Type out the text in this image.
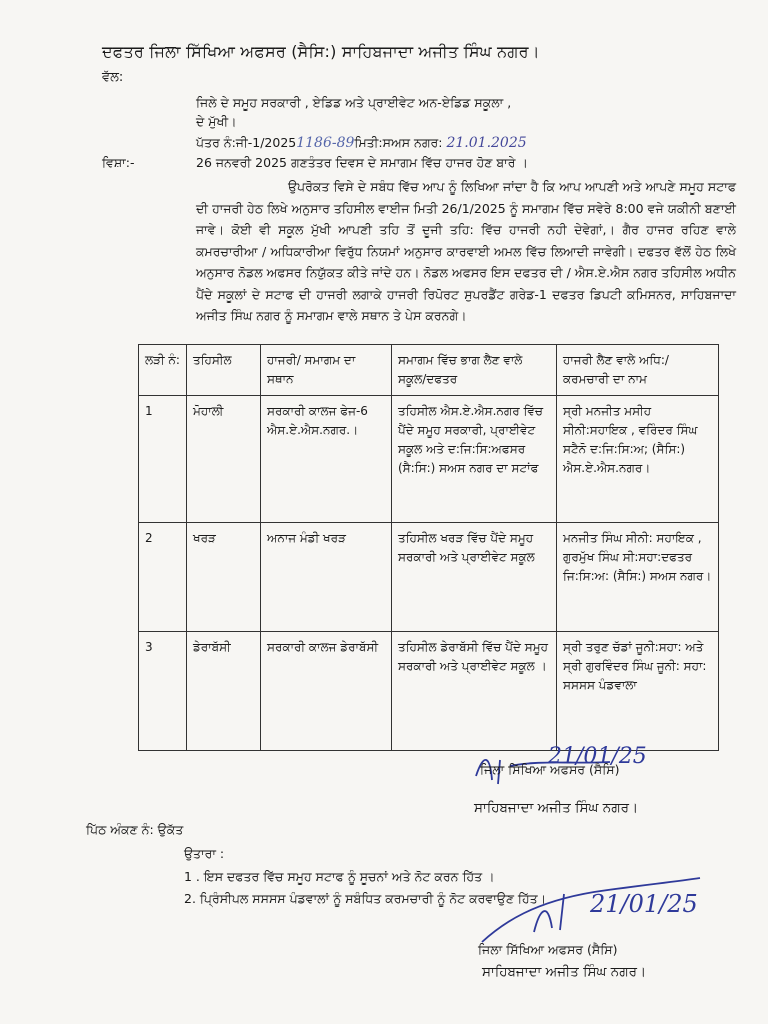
ਦਫਤਰ ਜਿਲਾ ਸਿੱਖਿਆ ਅਫਸਰ (ਸੈਸਿ:) ਸਾਹਿਬਜਾਦਾ ਅਜੀਤ ਸਿੰਘ ਨਗਰ।
ਵੱਲ:
ਜਿਲੇ ਦੇ ਸਮੂਹ ਸਰਕਾਰੀ , ਏਡਿਡ ਅਤੇ ਪ੍ਰਾਈਵੇਟ ਅਨ-ਏਡਿਡ ਸਕੂਲਾ ,
ਦੇ ਮੁੱਖੀ।
ਪੱਤਰ ਨੰ:ਜੀ-1/20251186-89ਮਿਤੀ:ਸਅਸ ਨਗਰ: 21.01.2025
ਵਿਸ਼ਾ:-	26 ਜਨਵਰੀ 2025 ਗਣਤੰਤਰ ਦਿਵਸ ਦੇ ਸਮਾਗਮ ਵਿੱਚ ਹਾਜਰ ਹੋਣ ਬਾਰੇ ।
ਉਪਰੋਕਤ ਵਿਸੇ ਦੇ ਸਬੰਧ ਵਿੱਚ ਆਪ ਨੂੰ ਲਿਖਿਆ ਜਾਂਦਾ ਹੈ ਕਿ ਆਪ ਆਪਣੀ ਅਤੇ ਆਪਣੇ ਸਮੂਹ ਸਟਾਫ ਦੀ ਹਾਜਰੀ ਹੇਠ ਲਿਖੇ ਅਨੁਸਾਰ ਤਹਿਸੀਲ ਵਾਈਜ ਮਿਤੀ 26/1/2025 ਨੂੰ ਸਮਾਗਮ ਵਿੱਚ ਸਵੇਰੇ 8:00 ਵਜੇ ਯਕੀਨੀ ਬਣਾਈ ਜਾਵੇ। ਕੋਈ ਵੀ ਸਕੂਲ ਮੁੱਖੀ ਆਪਣੀ ਤਹਿ ਤੋਂ ਦੂਜੀ ਤਹਿ: ਵਿੱਚ ਹਾਜਰੀ ਨਹੀ ਦੇਵੇਗਾਂ,। ਗੈਰ ਹਾਜਰ ਰਹਿਣ ਵਾਲੇ ਕਮਰਚਾਰੀਆ / ਅਧਿਕਾਰੀਆ ਵਿਰੁੱਧ ਨਿਯਮਾਂ ਅਨੁਸਾਰ ਕਾਰਵਾਈ ਅਮਲ ਵਿੱਚ ਲਿਆਦੀ ਜਾਵੇਗੀ। ਦਫਤਰ ਵੱਲੋਂ ਹੇਠ ਲਿਖੇ ਅਨੁਸਾਰ ਨੋਡਲ ਅਫਸਰ ਨਿਯੁੱਕਤ ਕੀਤੇ ਜਾਂਦੇ ਹਨ। ਨੋਡਲ ਅਫਸਰ ਇਸ ਦਫਤਰ ਦੀ / ਐਸ.ਏ.ਐਸ ਨਗਰ ਤਹਿਸੀਲ ਅਧੀਨ ਪੈਂਦੇ ਸਕੂਲਾਂ ਦੇ ਸਟਾਫ ਦੀ ਹਾਜਰੀ ਲਗਾਕੇ ਹਾਜਰੀ ਰਿਪੋਰਟ ਸੁਪਰਡੈਂਟ ਗਰੇਡ-1 ਦਫਤਰ ਡਿਪਟੀ ਕਮਿਸਨਰ, ਸਾਹਿਬਜਾਦਾ ਅਜੀਤ ਸਿੰਘ ਨਗਰ ਨੂੰ ਸਮਾਗਮ ਵਾਲੇ ਸਥਾਨ ਤੇ ਪੇਸ ਕਰਨਗੇ।
ਲੜੀ ਨੰ:	ਤਹਿਸੀਲ	ਹਾਜਰੀ/ ਸਮਾਗਮ ਦਾ ਸਥਾਨ	ਸਮਾਗਮ ਵਿੱਚ ਭਾਗ ਲੈਣ ਵਾਲੇ ਸਕੂਲ/ਦਫਤਰ	ਹਾਜਰੀ ਲੈਣ ਵਾਲੇ ਅਧਿ:/ਕਰਮਚਾਰੀ ਦਾ ਨਾਮ
1	ਮੋਹਾਲੀ	ਸਰਕਾਰੀ ਕਾਲਜ ਫੇਜ-6 ਐਸ.ਏ.ਐਸ.ਨਗਰ.।	ਤਹਿਸੀਲ ਐਸ.ਏ.ਐਸ.ਨਗਰ ਵਿੱਚ ਪੈਂਦੇ ਸਮੂਹ ਸਰਕਾਰੀ, ਪ੍ਰਾਈਵੇਟ ਸਕੂਲ ਅਤੇ ਦ:ਜਿ:ਸਿ:ਅਫਸਰ (ਸੈ:ਸਿ:) ਸਅਸ ਨਗਰ ਦਾ ਸਟਾਂਫ	ਸ੍ਰੀ ਮਨਜੀਤ ਮਸੀਹ ਸੀਨੀ:ਸਹਾਇਕ , ਵਰਿੰਦਰ ਸਿੰਘ ਸਟੈਨੋ ਦ:ਜਿ:ਸਿ:ਅ; (ਸੈਸਿ:) ਐਸ.ਏ.ਐਸ.ਨਗਰ।
2	ਖਰੜ	ਅਨਾਜ ਮੰਡੀ ਖਰੜ	ਤਹਿਸੀਲ ਖਰੜ ਵਿੱਚ ਪੈਂਦੇ ਸਮੂਹ ਸਰਕਾਰੀ ਅਤੇ ਪ੍ਰਾਈਵੇਟ ਸਕੂਲ	ਮਨਜੀਤ ਸਿੰਘ ਸੀਨੀ: ਸਹਾਇਕ , ਗੁਰਮੁੱਖ ਸਿੰਘ ਸੀ:ਸਹਾ:ਦਫਤਰ ਜਿ:ਸਿ:ਅ: (ਸੈਸਿ:) ਸਅਸ ਨਗਰ।
3	ਡੇਰਾਬੱਸੀ	ਸਰਕਾਰੀ ਕਾਲਜ ਡੇਰਾਬੱਸੀ	ਤਹਿਸੀਲ ਡੇਰਾਬੱਸੀ ਵਿੱਚ ਪੈਂਦੇ ਸਮੂਹ ਸਰਕਾਰੀ ਅਤੇ ਪ੍ਰਾਈਵੇਟ ਸਕੂਲ ।	ਸ੍ਰੀ ਤਰੁਣ ਚੱਡਾਂ ਜੂਨੀ:ਸਹਾ: ਅਤੇ ਸ੍ਰੀ ਗੁਰਵਿੰਦਰ ਸਿੰਘ ਜੂਨੀ: ਸਹਾ: ਸਸਸਸ ਪੰਡਵਾਲਾ
21/01/25
ਜਿਲਾ ਸਿੱਖਿਆ ਅਫਸਰ (ਸੈਸਿ)
ਸਾਹਿਬਜਾਦਾ ਅਜੀਤ ਸਿੰਘ ਨਗਰ।
ਪਿੱਠ ਅੰਕਣ ਨੰ: ਉਕੱਤ
ਉਤਾਰਾ :
1 . ਇਸ ਦਫਤਰ ਵਿੱਚ ਸਮੂਹ ਸਟਾਫ ਨੂੰ ਸੂਚਨਾਂ ਅਤੇ ਨੋਟ ਕਰਨ ਹਿੱਤ ।
2. ਪ੍ਰਿੰਸੀਪਲ ਸਸਸਸ ਪੰਡਵਾਲਾਂ ਨੂੰ ਸਬੰਧਿਤ ਕਰਮਚਾਰੀ ਨੂੰ ਨੋਟ ਕਰਵਾਉਣ ਹਿੱਤ। 21/01/25
ਜਿਲਾ ਸਿੱਖਿਆ ਅਫਸਰ (ਸੈਸਿ)
ਸਾਹਿਬਜਾਦਾ ਅਜੀਤ ਸਿੰਘ ਨਗਰ।
